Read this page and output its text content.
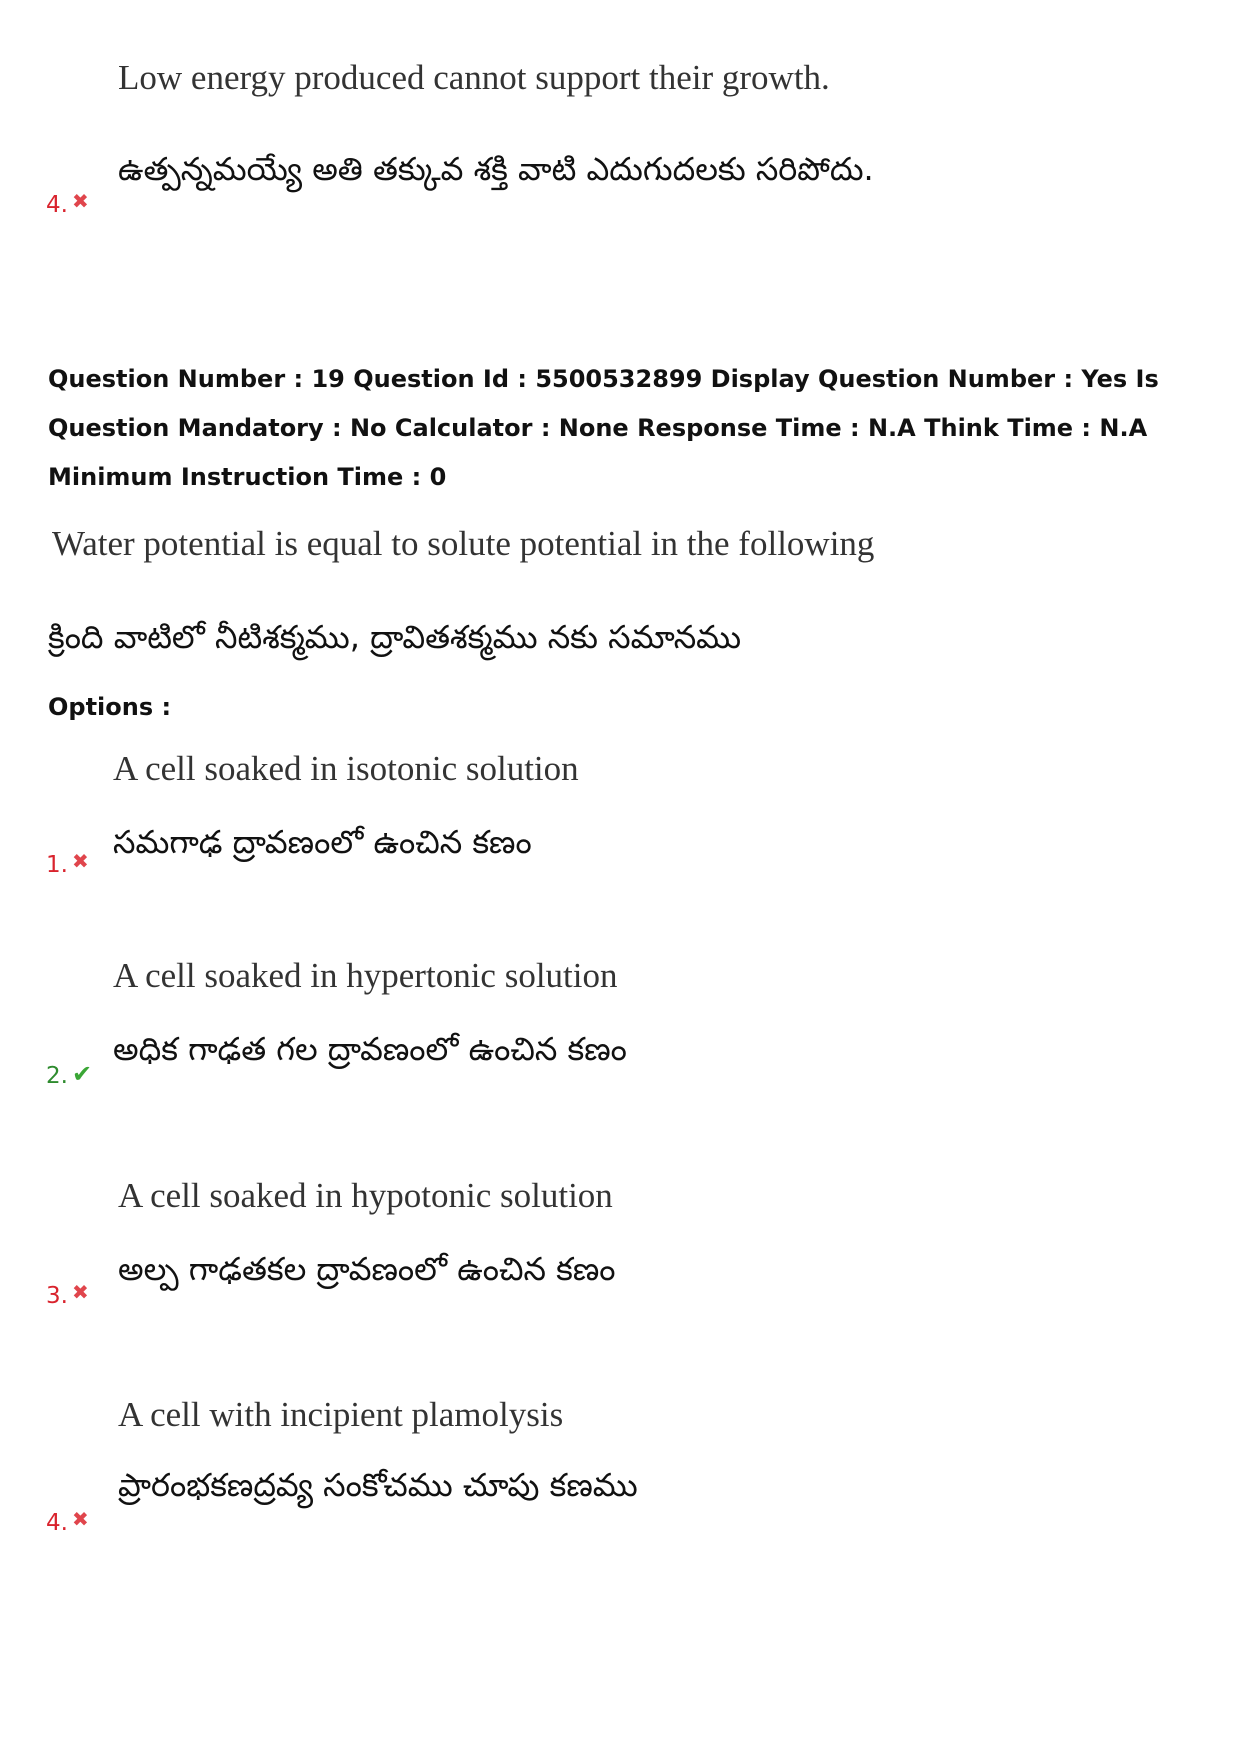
Low energy produced cannot support their growth.
ఉత్పన్నమయ్యే అతి తక్కువ శక్తి వాటి ఎదుగుదలకు సరిపోదు.
4. ✖
Question Number : 19 Question Id : 5500532899 Display Question Number : Yes Is Question Mandatory : No Calculator : None Response Time : N.A Think Time : N.A Minimum Instruction Time : 0
Water potential is equal to solute potential in the following
క్రింది వాటిలో నీటిశక్మము, ద్రావితశక్మము నకు సమానము
Options :
A cell soaked in isotonic solution
సమగాఢ ద్రావణంలో ఉంచిన కణం
1. ✖
A cell soaked in hypertonic solution
అధిక గాఢత గల ద్రావణంలో ఉంచిన కణం
2. ✔
A cell soaked in hypotonic solution
అల్ప గాఢతకల ద్రావణంలో ఉంచిన కణం
3. ✖
A cell with incipient plamolysis
ప్రారంభకణద్రవ్య సంకోచము చూపు కణము
4. ✖
